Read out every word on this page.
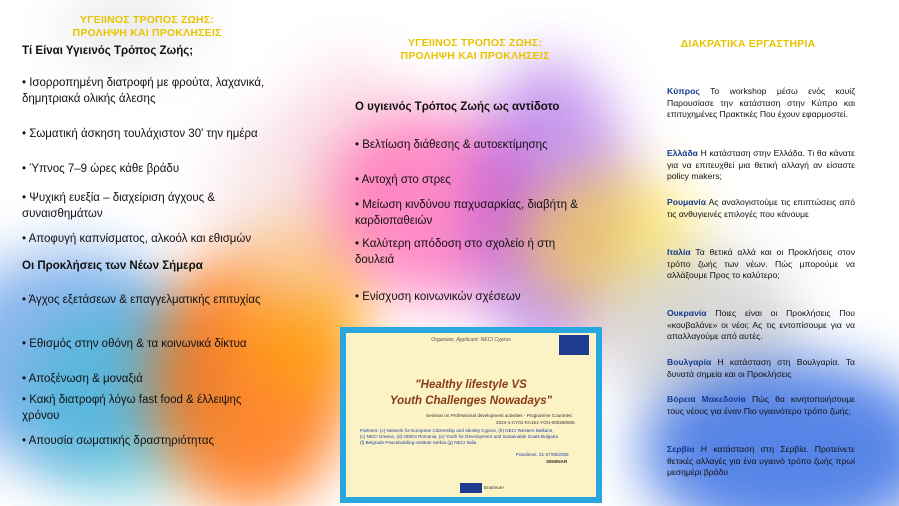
ΥΓΕΙΙΝΟΣ ΤΡΟΠΟΣ ΖΩΗΣ:
ΠΡΟΛΗΨΗ ΚΑΙ ΠΡΟΚΛΗΣΕΙΣ
Τί Είναι Υγιεινός Τρόπος Ζωής;
• Ισορροπημένη διατροφή με φρούτα, λαχανικά,
δημητριακά ολικής άλεσης
• Σωματική άσκηση τουλάχιστον 30' την ημέρα
• Ύπνος 7–9 ώρες κάθε βράδυ
• Ψυχική ευεξία – διαχείριση άγχους &
συναισθημάτων
• Αποφυγή καπνίσματος, αλκοόλ και εθισμών
Οι Προκλήσεις των Νέων Σήμερα
• Άγχος εξετάσεων & επαγγελματικής επιτυχίας
• Εθισμός στην οθόνη & τα κοινωνικά δίκτυα
• Αποξένωση & μοναξιά
• Κακή διατροφή λόγω fast food & έλλειψης
χρόνου
• Απουσία σωματικής δραστηριότητας
ΥΓΕΙΙΝΟΣ ΤΡΟΠΟΣ ΖΩΗΣ:
ΠΡΟΛΗΨΗ ΚΑΙ ΠΡΟΚΛΗΣΕΙΣ
Ο υγιεινός Τρόπος Ζωής ως αντίδοτο
• Βελτίωση διάθεσης & αυτοεκτίμησης
• Αντοχή στο στρες
• Μείωση κινδύνου παχυσαρκίας, διαβήτη &
καρδιοπαθειών
• Καλύτερη απόδοση στο σχολείο ή στη
δουλειά
• Ενίσχυση κοινωνικών σχέσεων
ΔΙΑΚΡΑΤΙΚΑ ΕΡΓΑΣΤΗΡΙΑ
Κύπρος Το workshop μέσω ενός κουίζ Παρουσίασε την κατάσταση στην Κύπρο και επιτυχημένες Πρακτικές Που έχουν εφαρμοστεί.
Ελλάδα Η κατάσταση στην Ελλάδα. Τι θα κάνατε για να επιτευχθεί μια θετική αλλαγή αν είσαστε policy makers;
Ρουμανία Ας αναλογιστούμε τις επιπτώσεις από τις ανθυγιεινές επιλογές που κάνουμε
Ιταλία Τα θετικά αλλά και οι Προκλήσεις στον τρόπο ζωής των νέων. Πώς μπορούμε να αλλάξουμε Προς το καλύτερο;
Ουκρανία Ποιες είναι οι Προκλήσεις Που «κουβαλάνε» οι νέοι; Ας τις εντοπίσουμε για να απαλλαγούμε από αυτές.
Βουλγαρία Η κατάσταση στη Βουλγαρία. Τα δυνατά σημεία και οι Προκλήσεις
Βόρεια Μακεδονία Πώς θα κινητοποιήσουμε τους νέους για έναν Πιο υγιεινότερο τρόπο ζωής;
Σερβία Η κατάσταση στη Σερβία. Προτείνετε θετικές αλλαγές για ένα υγιεινό τρόπο ζωής πρωί μεσημέρι βράδυ
Organizer, Applicant: NECI Cyprus
"Healthy lifestyle VS
Youth Challenges Nowadays"
Seminar on Professional development activities - Programme Countries:
2024-1-CY01-KA151-YOU-000200606
Partners: (c) Network for European Citizenship and Identity Cyprus, (b) NECI Western Balkans,
(c) NECI Greece, (d) ODEN Romania, (e) Youth for Development and Sustainable Goals Bulgaria
(f) Belgrade Peacebuilding Institute Serbia (g) NECI Italia
Pandimos, 21-27/06/2025
SEMINAR
Erasmus+
